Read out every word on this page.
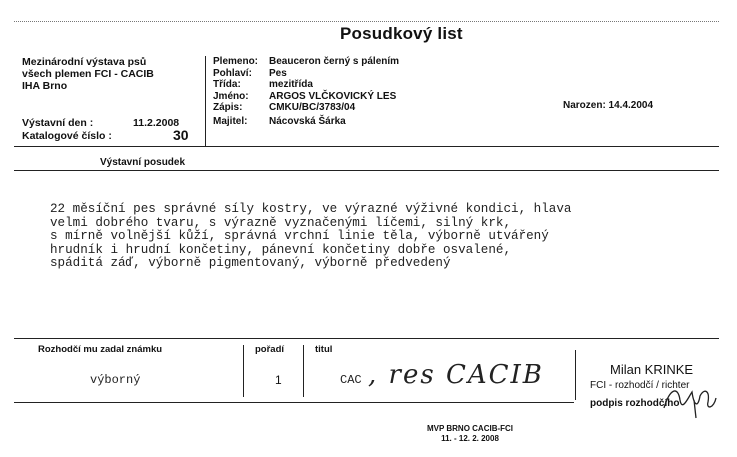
Posudkový list
Mezinárodní výstava psů
všech plemen FCI - CACIB
IHA Brno
Výstavní den :	11.2.2008
Katalogové číslo :	30
Plemeno:	Beauceron černý s pálením
Pohlaví:	Pes
Třída:	mezitřída
Jméno:	ARGOS VLČKOVICKÝ LES
Zápis:	CMKU/BC/3783/04
Majitel:	Nácovská Šárka
Narozen: 14.4.2004
Výstavní posudek
22 měsíční pes správné síly kostry, ve výrazné výživné kondici, hlava
velmi dobrého tvaru, s výrazně vyznačenými líčemi, silný krk,
s mírně volnější kůží, správná vrchní linie těla, výborně utvářený
hrudník i hrudní končetiny, pánevní končetiny dobře osvalené,
spáditá záď, výborně pigmentovaný, výborně předvedený
Rozhodčí mu zadal známku
výborný
pořadí
1
titul
CAC , res CACIB	Milan KRINKE
FCI - rozhodčí / richter
podpis rozhodčího
MVP BRNO CACIB-FCI
11. - 12. 2. 2008
